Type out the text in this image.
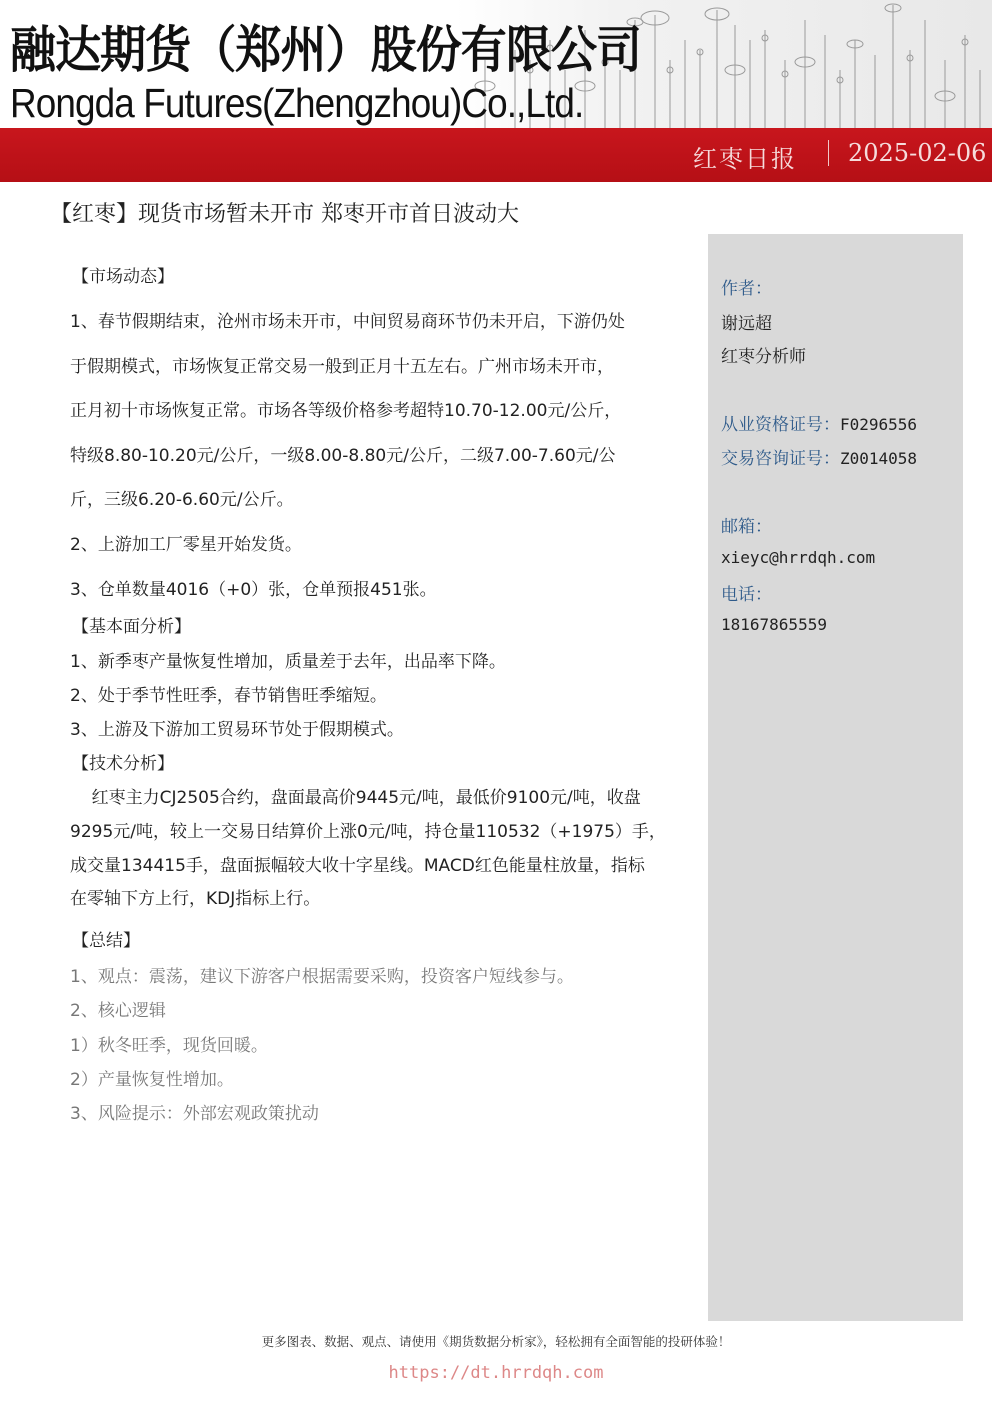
融达期货（郑州）股份有限公司
Rongda Futures(Zhengzhou)Co.,Ltd.
红枣日报 2025-02-06
【红枣】现货市场暂未开市 郑枣开市首日波动大
作者：
谢远超
红枣分析师
从业资格证号：F0296556
交易咨询证号：Z0014058
邮箱：
xieyc@hrrdqh.com
电话：
18167865559
【市场动态】
1、春节假期结束，沧州市场未开市，中间贸易商环节仍未开启，下游仍处
于假期模式，市场恢复正常交易一般到正月十五左右。广州市场未开市，
正月初十市场恢复正常。市场各等级价格参考超特10.70-12.00元/公斤，
特级8.80-10.20元/公斤，一级8.00-8.80元/公斤，二级7.00-7.60元/公
斤，三级6.20-6.60元/公斤。
2、上游加工厂零星开始发货。
3、仓单数量4016（+0）张，仓单预报451张。
【基本面分析】
1、新季枣产量恢复性增加，质量差于去年，出品率下降。
2、处于季节性旺季，春节销售旺季缩短。
3、上游及下游加工贸易环节处于假期模式。
【技术分析】
红枣主力CJ2505合约，盘面最高价9445元/吨，最低价9100元/吨，收盘
9295元/吨，较上一交易日结算价上涨0元/吨，持仓量110532（+1975）手，
成交量134415手，盘面振幅较大收十字星线。MACD红色能量柱放量，指标
在零轴下方上行，KDJ指标上行。
【总结】
1、观点：震荡，建议下游客户根据需要采购，投资客户短线参与。
2、核心逻辑
1）秋冬旺季，现货回暖。
2）产量恢复性增加。
3、风险提示：外部宏观政策扰动
更多图表、数据、观点、请使用《期货数据分析家》，轻松拥有全面智能的投研体验！
https://dt.hrrdqh.com
